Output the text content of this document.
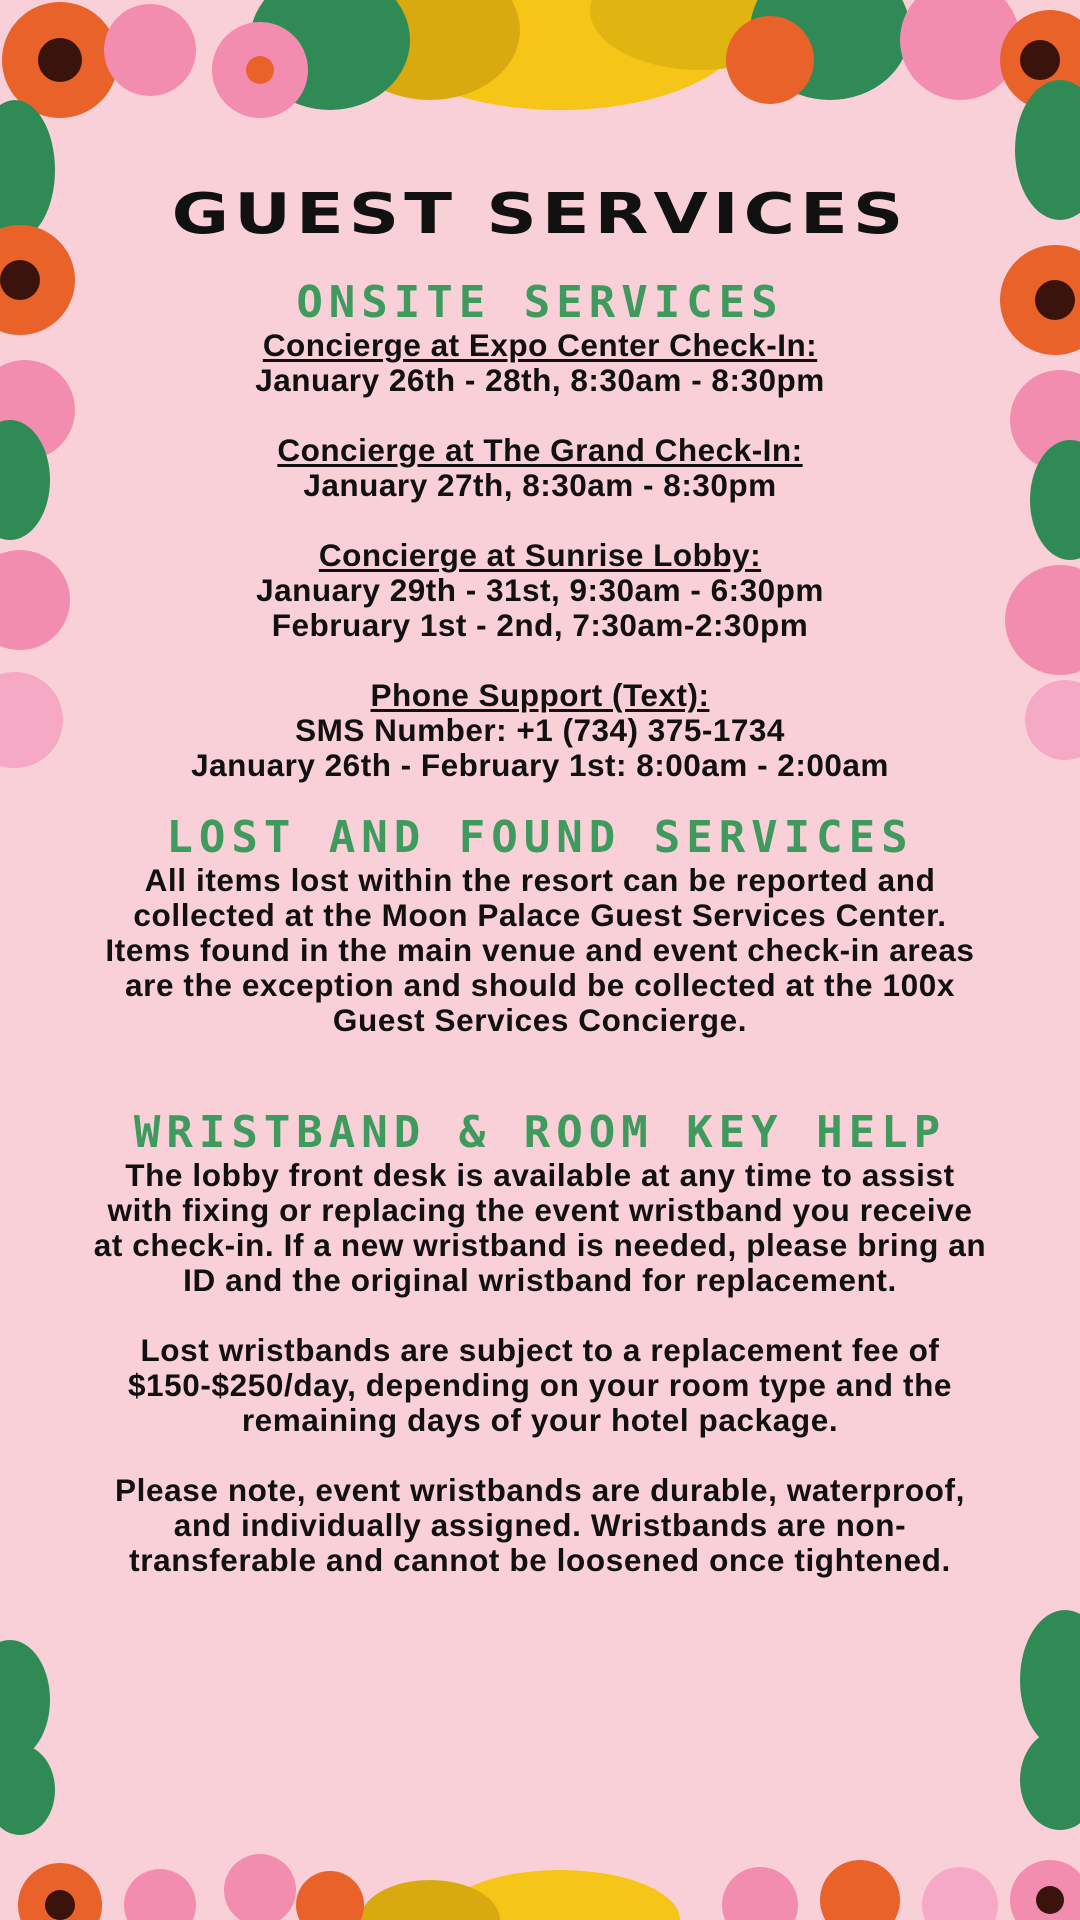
GUEST SERVICES
ONSITE SERVICES

Concierge at Expo Center Check-In:

January 26th - 28th, 8:30am - 8:30pm

Concierge at The Grand Check-In:

January 27th, 8:30am - 8:30pm

Concierge at Sunrise Lobby:

January 29th - 31st, 9:30am - 6:30pm

February 1st - 2nd, 7:30am-2:30pm

Phone Support (Text):

SMS Number: +1 (734) 375-1734

January 26th - February 1st: 8:00am - 2:00am

LOST AND FOUND SERVICES

All items lost within the resort can be reported and collected at the Moon Palace Guest Services Center. Items found in the main venue and event check-in areas are the exception and should be collected at the 100x Guest Services Concierge.

WRISTBAND & ROOM KEY HELP

The lobby front desk is available at any time to assist with fixing or replacing the event wristband you receive at check-in. If a new wristband is needed, please bring an ID and the original wristband for replacement.

Lost wristbands are subject to a replacement fee of $150-$250/day, depending on your room type and the remaining days of your hotel package.

Please note, event wristbands are durable, waterproof, and individually assigned. Wristbands are non-transferable and cannot be loosened once tightened.
